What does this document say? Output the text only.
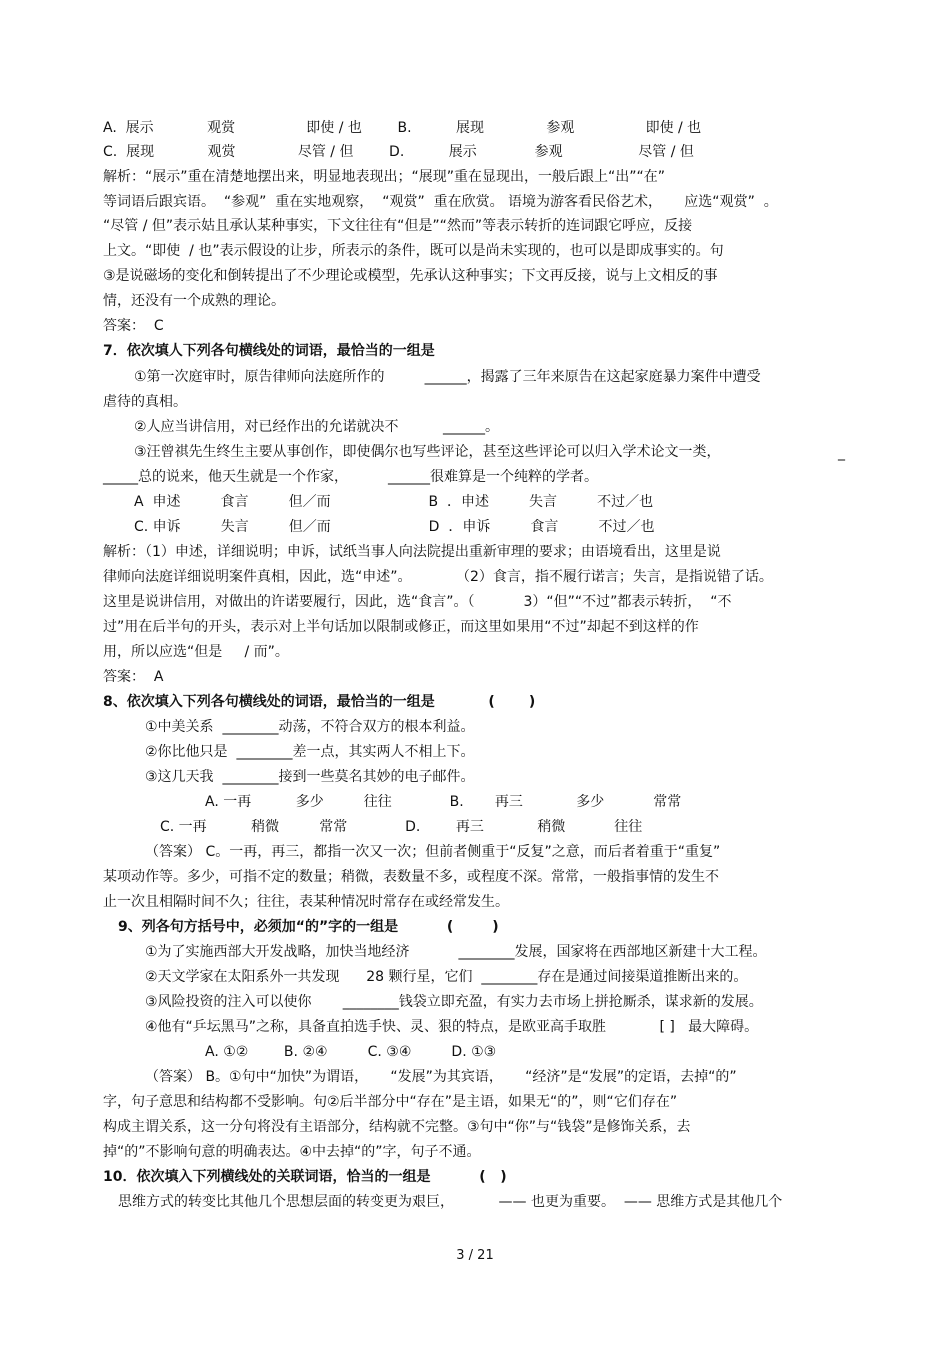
A.  展示            观赏                即使 / 也        B.          展现              参观                即使 / 也
C.  展现            观赏              尽管 / 但        D.          展示             参观                 尽管 / 但
解析：“展示”重在清楚地摆出来，明显地表现出；“展现”重在显现出，一般后跟上“出”“在”
等词语后跟宾语。  “参观”  重在实地观察，  “观赏”  重在欣赏。 语境为游客看民俗艺术，     应选“观赏”  。
“尽管 / 但”表示姑且承认某种事实，下文往往有“但是”“然而”等表示转折的连词跟它呼应，反接
上文。“即使  / 也”表示假设的让步，所表示的条件，既可以是尚未实现的，也可以是即成事实的。句
③是说磁场的变化和倒转提出了不少理论或模型，先承认这种事实；下文再反接，说与上文相反的事
情，还没有一个成熟的理论。
答案：  C
7．依次填人下列各句横线处的词语，最恰当的一组是
①第一次庭审时，原告律师向法庭所作的         ______，揭露了三年来原告在这起家庭暴力案件中遭受
虐待的真相。
②人应当讲信用，对已经作出的允诺就决不          ______。
③汪曾祺先生终生主要从事创作，即使偶尔也写些评论，甚至这些评论可以归入学术论文一类，	_
_____总的说来，他天生就是一个作家，         ______很难算是一个纯粹的学者。
A  申述         食言         但／而                      B  ．申述         失言         不过／也
C. 申诉         失言         但／而                      D  ．申诉         食言         不过／也
解析：（1）申述，详细说明；申诉，试纸当事人向法院提出重新审理的要求；由语境看出，这里是说
律师向法庭详细说明案件真相，因此，选“申述”。          （2）食言，指不履行诺言；失言，是指说错了话。
这里是说讲信用，对做出的许诺要履行，因此，选“食言”。（           3）“但”“不过”都表示转折，  “不
过”用在后半句的开头，表示对上半句话加以限制或修正，而这里如果用“不过”却起不到这样的作
用，所以应选“但是     / 而”。
答案：  A
8、依次填入下列各句横线处的词语，最恰当的一组是           (       )
①中美关系  ________动荡，不符合双方的根本利益。
②你比他只是  ________差一点，其实两人不相上下。
③这几天我  ________接到一些莫名其妙的电子邮件。
A. 一再          多少         往往             B.       再三            多少           常常
C. 一再          稍微         常常             D.        再三            稍微           往往
（答案） C。一再，再三，都指一次又一次；但前者侧重于“反复”之意，而后者着重于“重复”
某项动作等。多少，可指不定的数量；稍微，表数量不多，或程度不深。常常，一般指事情的发生不
止一次且相隔时间不久；往往，表某种情况时常存在或经常发生。
9、列各句方括号中，必须加“的”字的一组是          (        )
①为了实施西部大开发战略，加快当地经济           ________发展，国家将在西部地区新建十大工程。
②天文学家在太阳系外一共发现      28 颗行星，它们  ________存在是通过间接渠道推断出来的。
③风险投资的注入可以使你       ________钱袋立即充盈，有实力去市场上拼抢厮杀，谋求新的发展。
④他有“乒坛黑马”之称，具备直拍选手快、灵、狠的特点，是欧亚高手取胜            [ ]   最大障碍。
A. ①②        B. ②④         C. ③④         D. ①③
（答案） B。①句中“加快”为谓语，     “发展”为其宾语，     “经济”是“发展”的定语，去掉“的”
字，句子意思和结构都不受影响。句②后半部分中“存在”是主语，如果无“的”，则“它们存在”
构成主谓关系，这一分句将没有主语部分，结构就不完整。③句中“你”与“钱袋”是修饰关系，去
掉“的”不影响句意的明确表达。④中去掉“的”字，句子不通。
10．依次填入下列横线处的关联词语，恰当的一组是          (   )
思维方式的转变比其他几个思想层面的转变更为艰巨，          —— 也更为重要。  —— 思维方式是其他几个
3 / 21
